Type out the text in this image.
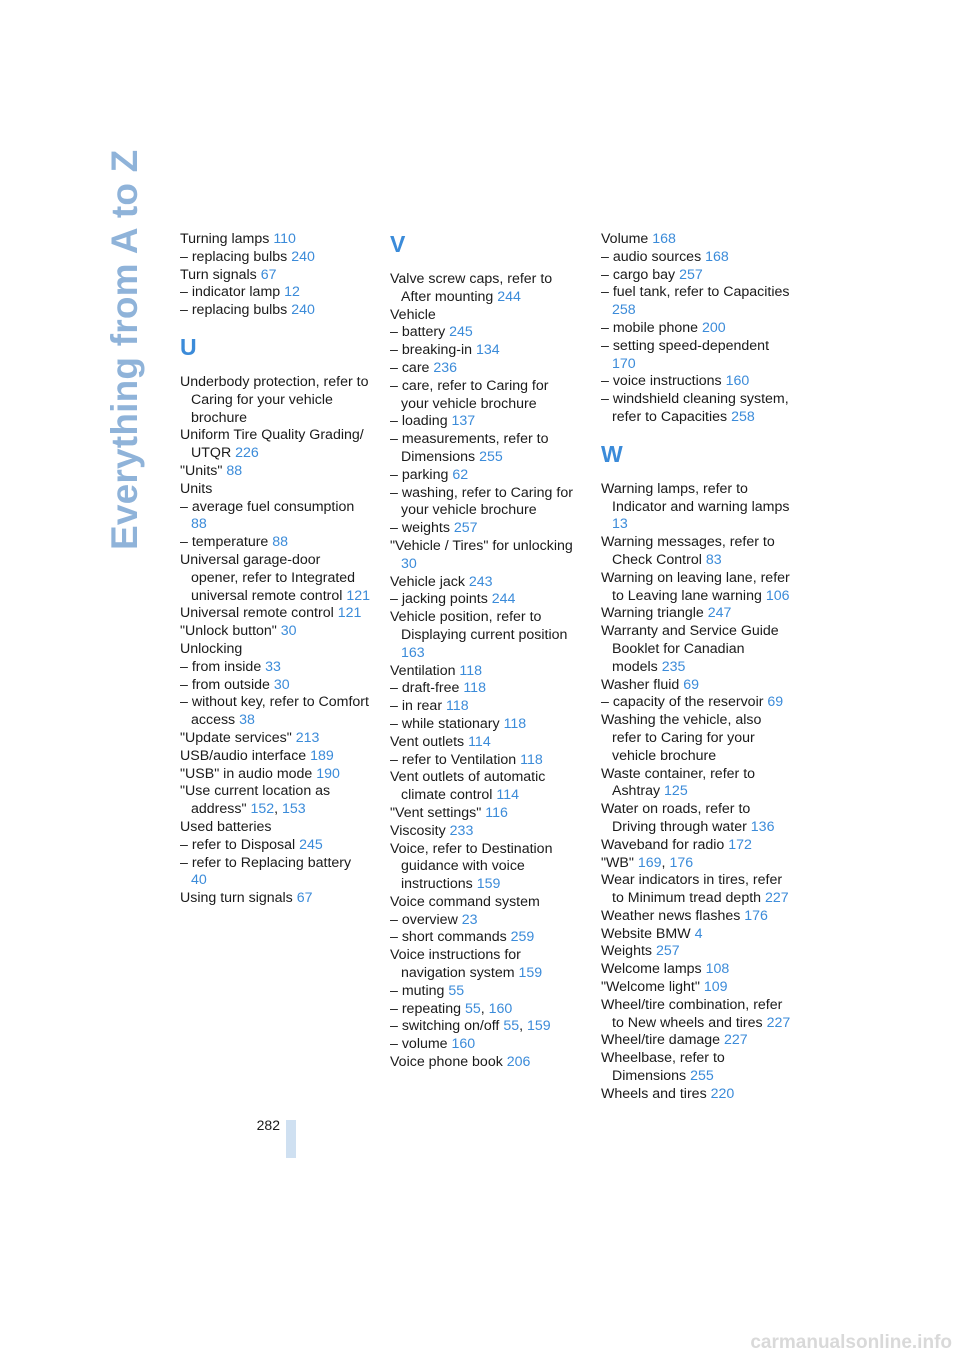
Everything from A to Z Turning lamps 110
– replacing bulbs 240
Turn signals 67
– indicator lamp 12
– replacing bulbs 240
U
Underbody protection, refer to Caring for your vehicle brochure
Uniform Tire Quality Grading/ UTQR 226
"Units" 88
Units
– average fuel consumption 88
– temperature 88
Universal garage-door opener, refer to Integrated universal remote control 121
Universal remote control 121
"Unlock button" 30
Unlocking
– from inside 33
– from outside 30
– without key, refer to Comfort access 38
"Update services" 213
USB/audio interface 189
"USB" in audio mode 190
"Use current location as address" 152, 153
Used batteries
– refer to Disposal 245
– refer to Replacing battery 40
Using turn signals 67
V
Valve screw caps, refer to After mounting 244
Vehicle
– battery 245
– breaking-in 134
– care 236
– care, refer to Caring for your vehicle brochure
– loading 137
– measurements, refer to Dimensions 255
– parking 62
– washing, refer to Caring for your vehicle brochure
– weights 257
"Vehicle / Tires" for unlocking 30
Vehicle jack 243
– jacking points 244
Vehicle position, refer to Displaying current position 163
Ventilation 118
– draft-free 118
– in rear 118
– while stationary 118
Vent outlets 114
– refer to Ventilation 118
Vent outlets of automatic climate control 114
"Vent settings" 116
Viscosity 233
Voice, refer to Destination guidance with voice instructions 159
Voice command system
– overview 23
– short commands 259
Voice instructions for navigation system 159
– muting 55
– repeating 55, 160
– switching on/off 55, 159
– volume 160
Voice phone book 206
Volume 168
– audio sources 168
– cargo bay 257
– fuel tank, refer to Capacities 258
– mobile phone 200
– setting speed-dependent 170
– voice instructions 160
– windshield cleaning system, refer to Capacities 258
W
Warning lamps, refer to Indicator and warning lamps 13
Warning messages, refer to Check Control 83
Warning on leaving lane, refer to Leaving lane warning 106
Warning triangle 247
Warranty and Service Guide Booklet for Canadian models 235
Washer fluid 69
– capacity of the reservoir 69
Washing the vehicle, also refer to Caring for your vehicle brochure
Waste container, refer to Ashtray 125
Water on roads, refer to Driving through water 136
Waveband for radio 172
"WB" 169, 176
Wear indicators in tires, refer to Minimum tread depth 227
Weather news flashes 176
Website BMW 4
Weights 257
Welcome lamps 108
"Welcome light" 109
Wheel/tire combination, refer to New wheels and tires 227
Wheel/tire damage 227
Wheelbase, refer to Dimensions 255
Wheels and tires 220
282
carmanualsonline.info
